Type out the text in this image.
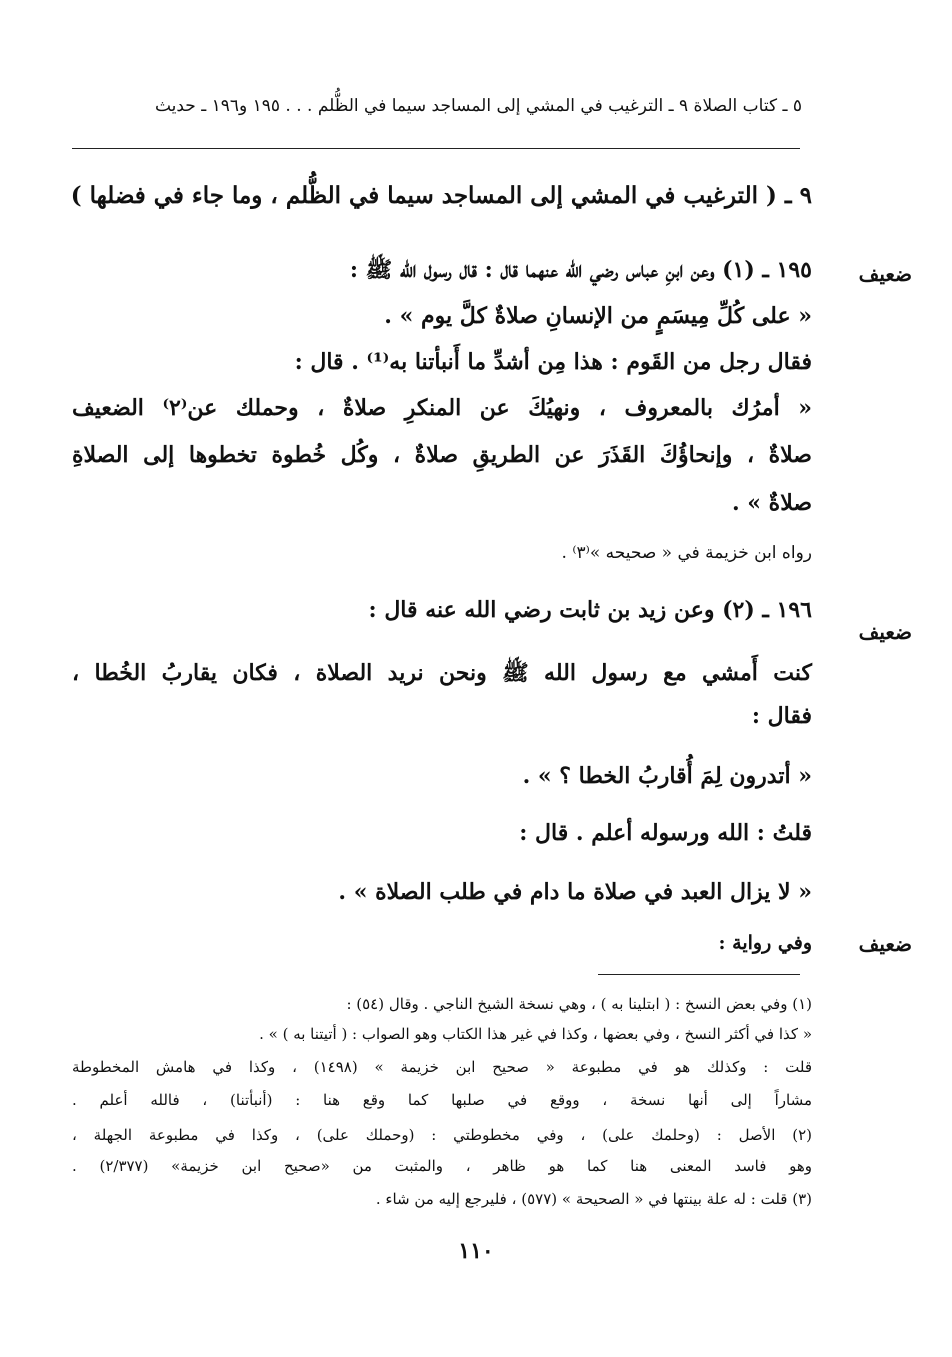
٥ ـ كتاب الصلاة ٩ ـ الترغيب في المشي إلى المساجد سيما في الظُّلم . . . ١٩٥ و١٩٦ ـ حديث
٩ ـ ( الترغيب في المشي إلى المساجد سيما في الظُّلم ، وما جاء في فضلها )
ضعيف
١٩٥ ـ (١) وعن ابنِ عباس رضي الله عنهما قال : قال رسول الله ﷺ :
« على كُلِّ مِيسَمٍ من الإنسانِ صلاةٌ كلَّ يوم » .
فقال رجل من القَوم : هذا مِن أشدِّ ما أَنبأتنا به⁽¹⁾ . قال :
« أمرُك بالمعروف ، ونهيُكَ عن المنكرِ صلاةٌ ، وحملك عن⁽٢⁾ الضعيف
صلاةٌ ، وإنحاؤُكَ القَذَرَ عن الطريقِ صلاةٌ ، وكُل خُطوة تخطوها إلى الصلاةِ
صلاةٌ » .
رواه ابن خزيمة في « صحيحه »⁽٣⁾ .
ضعيف
١٩٦ ـ (٢) وعن زيد بن ثابت رضي الله عنه قال :
كنت أَمشي مع رسول الله ﷺ ونحن نريد الصلاة ، فكان يقاربُ الخُطا ،
فقال :
« أتدرون لِمَ أُقاربُ الخطا ؟ » .
قلتُ : الله ورسوله أعلم . قال :
« لا يزال العبد في صلاة ما دام في طلب الصلاة » .
ضعيف
وفي رواية :
(١) وفي بعض النسخ : ( ابتلينا به ) ، وهي نسخة الشيخ الناجي . وقال (٥٤) :
« كذا في أكثر النسخ ، وفي بعضها ، وكذا في غير هذا الكتاب وهو الصواب : ( أتيتنا به ) » .
قلت : وكذلك هو في مطبوعة « صحيح ابن خزيمة » (١٤٩٨) ، وكذا في هامش المخطوطة
مشاراً إلى أنها نسخة ، ووقع في صلبها كما وقع هنا : (أنبأتنا) ، فالله أعلم .
(٢) الأصل : (وحلمك على) ، وفي مخطوطتي : (وحملك على) ، وكذا في مطبوعة الجهلة ،
وهو فاسد المعنى هنا كما هو ظاهر ، والمثبت من «صحيح ابن خزيمة» (٢/٣٧٧) .
(٣) قلت : له علة بينتها في « الصحيحة » (٥٧٧) ، فليرجع إليه من شاء .
١١٠
